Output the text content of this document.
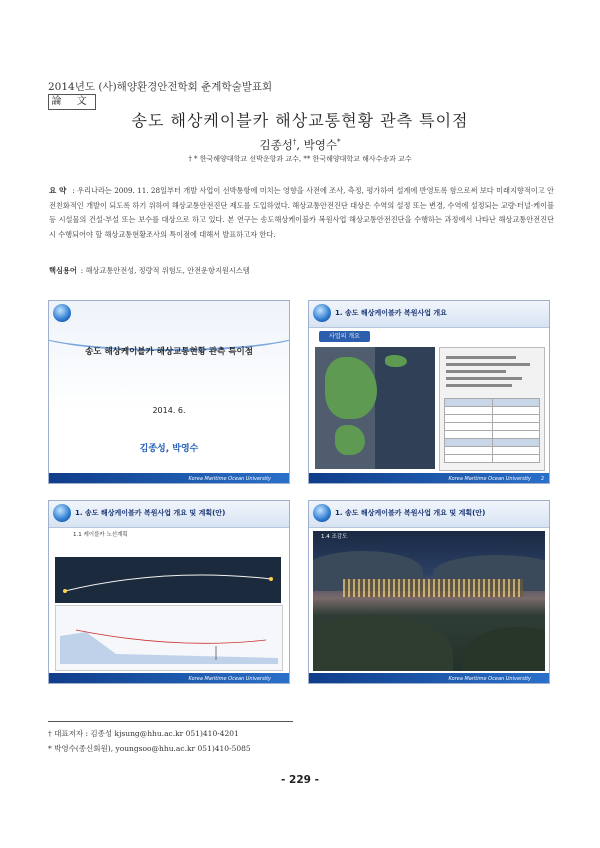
2014년도 (사)해양환경안전학회 춘계학술발표회
論 文
송도 해상케이블카 해상교통현황 관측 특이점
김종성†, 박영수*
† * 한국해양대학교 선박운항과 교수, ** 한국해양대학교 해사수송과 교수
요 약 : 우리나라는 2009. 11. 28일부터 개발 사업이 선박통항에 미치는 영향을 사전에 조사, 측정, 평가하여 설계에 반영토록 함으로써 보다 미래지향적이고 안전친화적인 개발이 되도록 하기 위하여 해상교통안전진단 제도를 도입하였다. 해상교통안전진단 대상은 수역의 설정 또는 변경, 수역에 설정되는 교량·터널·케이블 등 시설물의 건설·부설 또는 보수를 대상으로 하고 있다. 본 연구는 송도해상케이블카 복원사업 해상교통안전진단을 수행하는 과정에서 나타난 해상교통안전진단시 수행되어야 할 해상교통현황조사의 특이점에 대해서 발표하고자 한다.
핵심용어 : 해상교통안전성, 정량적 위험도, 안전운항지원시스템
송도 해상케이블카 해상교통현황 관측 특이점
2014. 6.
김종성, 박영수
Korea Maritime Ocean University
1. 송도 해상케이블카 복원사업 개요
사업의 개요

Korea Maritime Ocean University 2
1. 송도 해상케이블카 복원사업 개요 및 계획(안)
1.1 케이블카 노선계획
Korea Maritime Ocean University
1. 송도 해상케이블카 복원사업 개요 및 계획(안)
1.4 조감도
Korea Maritime Ocean University
† 대표저자 : 김종성 kjsung@hhu.ac.kr 051)410-4201
* 박영수(종신회원), youngsoo@hhu.ac.kr 051)410-5085
- 229 -
